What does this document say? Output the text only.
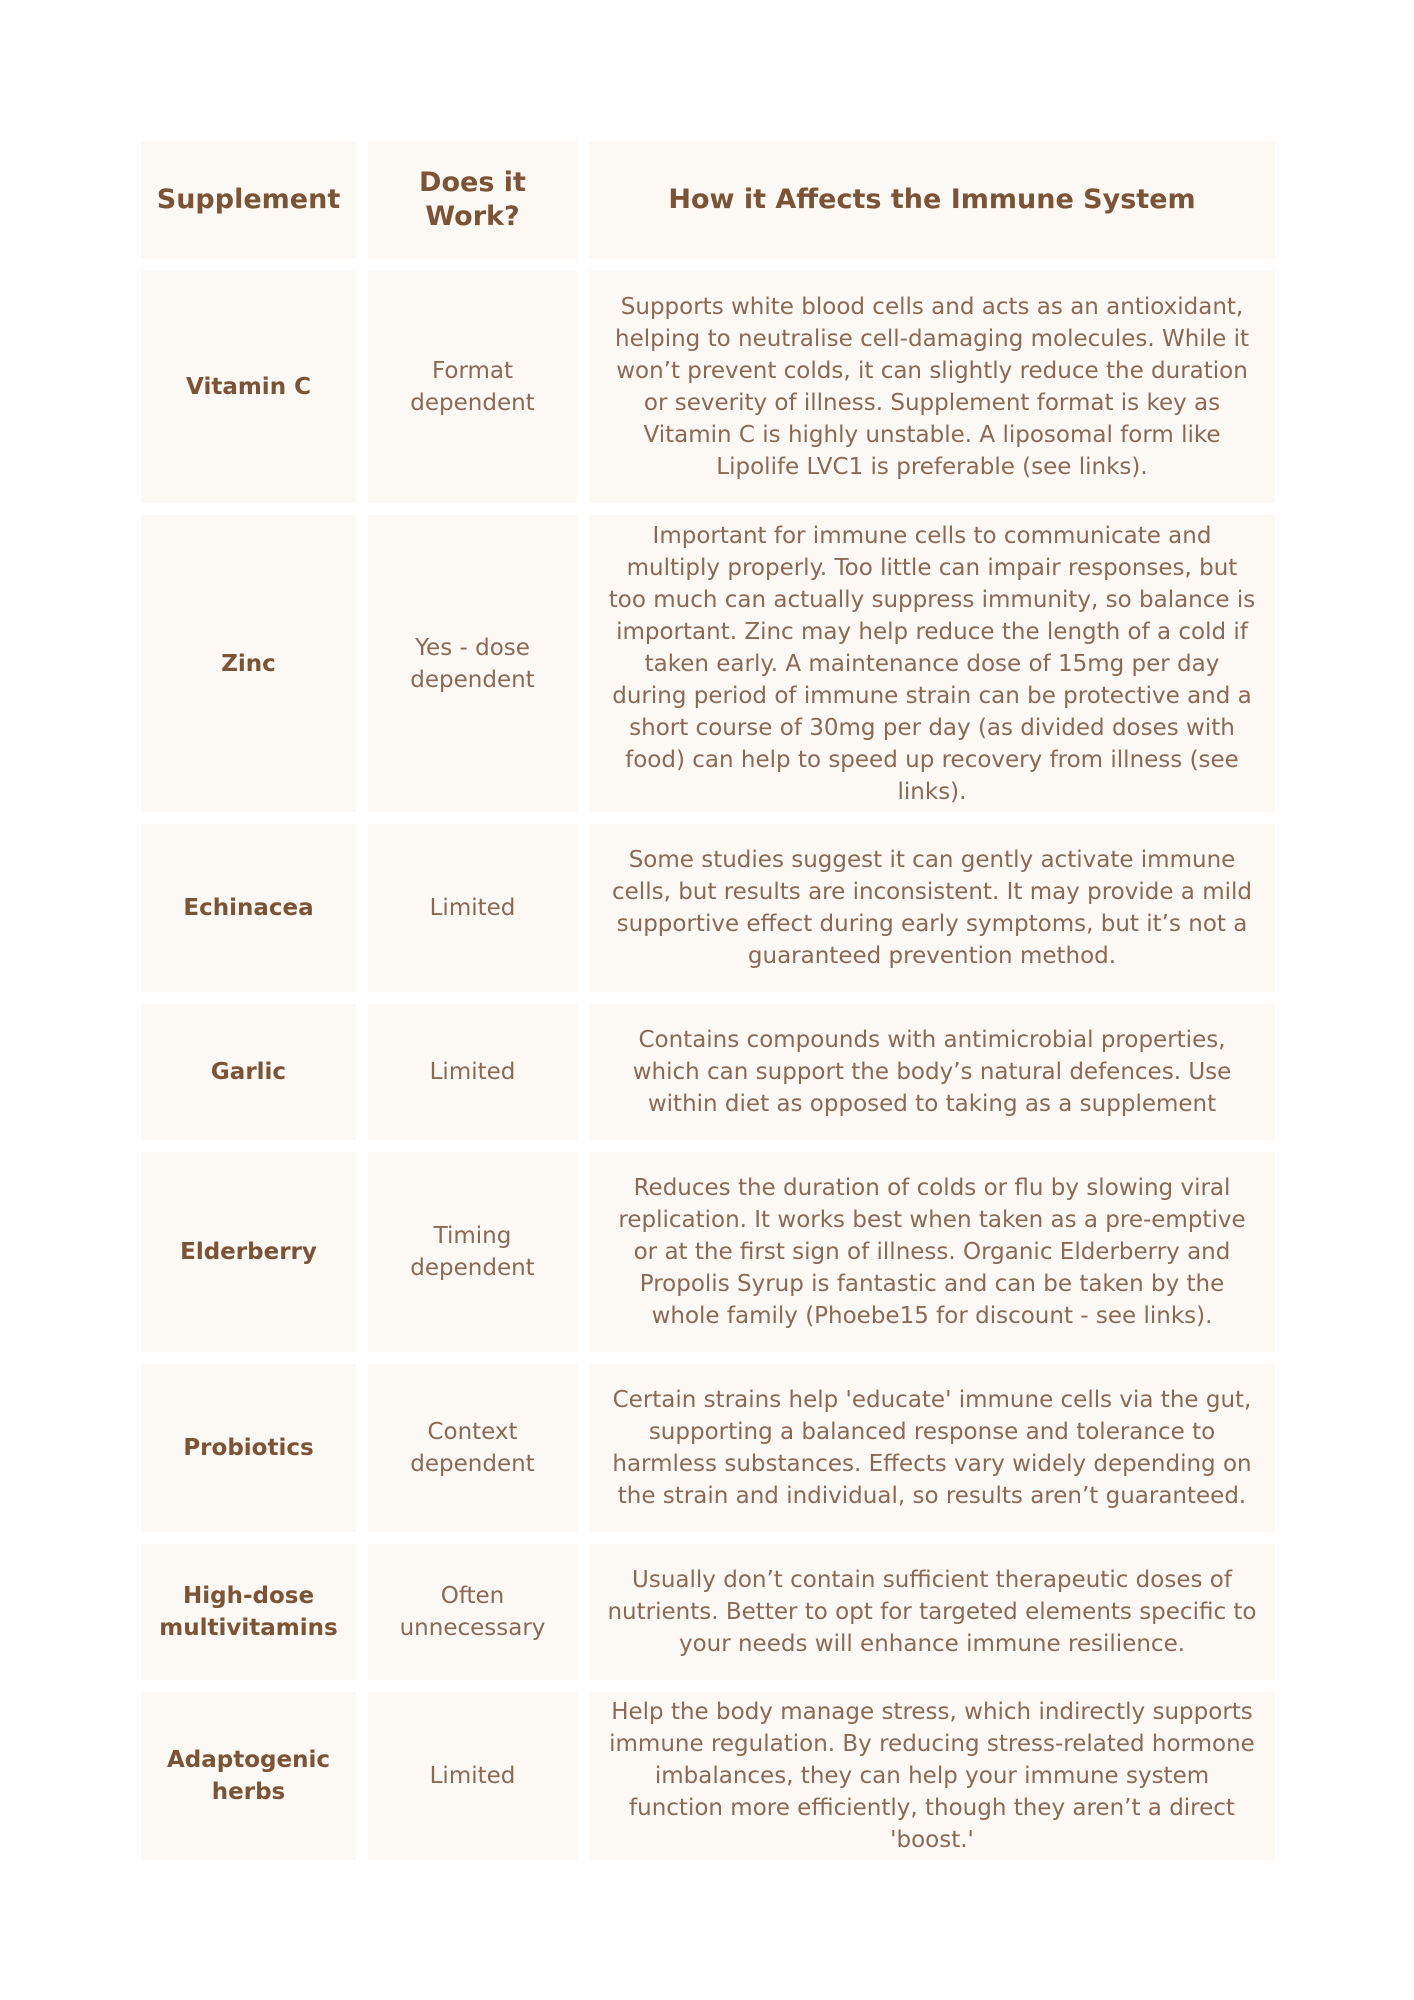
Supplement
Does it Work?
How it Affects the Immune System
Vitamin C
Format dependent
Supports white blood cells and acts as an antioxidant, helping to neutralise cell-damaging molecules. While it won’t prevent colds, it can slightly reduce the duration or severity of illness. Supplement format is key as Vitamin C is highly unstable. A liposomal form like Lipolife LVC1 is preferable (see links).
Zinc
Yes - dose dependent
Important for immune cells to communicate and multiply properly. Too little can impair responses, but too much can actually suppress immunity, so balance is important. Zinc may help reduce the length of a cold if taken early. A maintenance dose of 15mg per day during period of immune strain can be protective and a short course of 30mg per day (as divided doses with food) can help to speed up recovery from illness (see links).
Echinacea	Limited
Some studies suggest it can gently activate immune cells, but results are inconsistent. It may provide a mild supportive effect during early symptoms, but it’s not a guaranteed prevention method.
Garlic	Limited
Contains compounds with antimicrobial properties, which can support the body’s natural defences. Use within diet as opposed to taking as a supplement
Elderberry
Timing dependent
Reduces the duration of colds or flu by slowing viral replication. It works best when taken as a pre-emptive or at the first sign of illness. Organic Elderberry and Propolis Syrup is fantastic and can be taken by the whole family (Phoebe15 for discount - see links).
Probiotics
Context dependent
Certain strains help 'educate' immune cells via the gut, supporting a balanced response and tolerance to harmless substances. Effects vary widely depending on the strain and individual, so results aren’t guaranteed.
High-dose multivitamins
Often unnecessary
Usually don’t contain sufficient therapeutic doses of nutrients. Better to opt for targeted elements specific to your needs will enhance immune resilience.
Adaptogenic herbs
Limited
Help the body manage stress, which indirectly supports immune regulation. By reducing stress-related hormone imbalances, they can help your immune system function more efficiently, though they aren’t a direct 'boost.'
